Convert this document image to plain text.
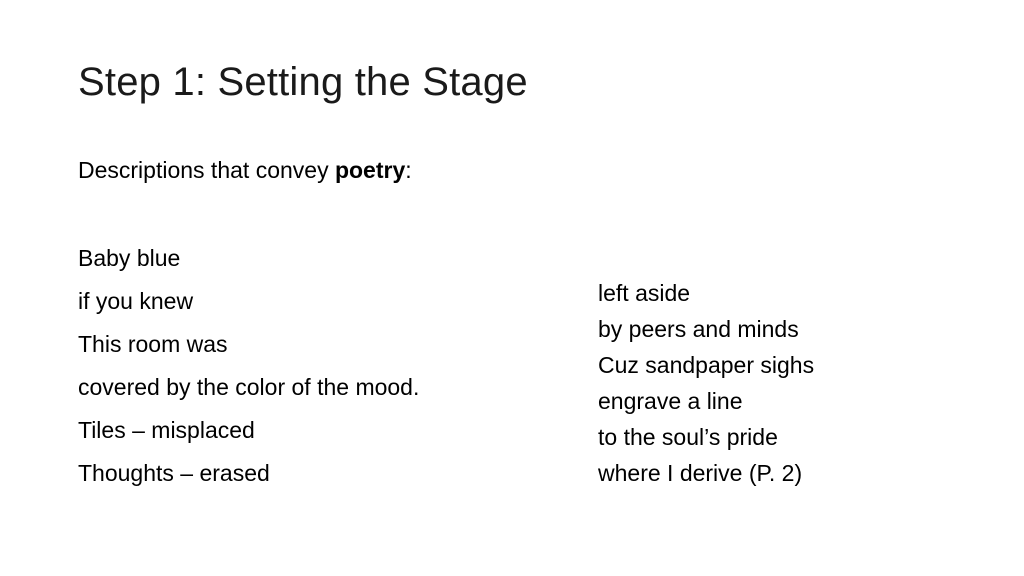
Step 1: Setting the Stage
Descriptions that convey poetry:
Baby blue
if you knew
This room was
covered by the color of the mood.
Tiles – misplaced
Thoughts – erased
left aside
by peers and minds
Cuz sandpaper sighs
engrave a line
to the soul’s pride
where I derive (P. 2)
